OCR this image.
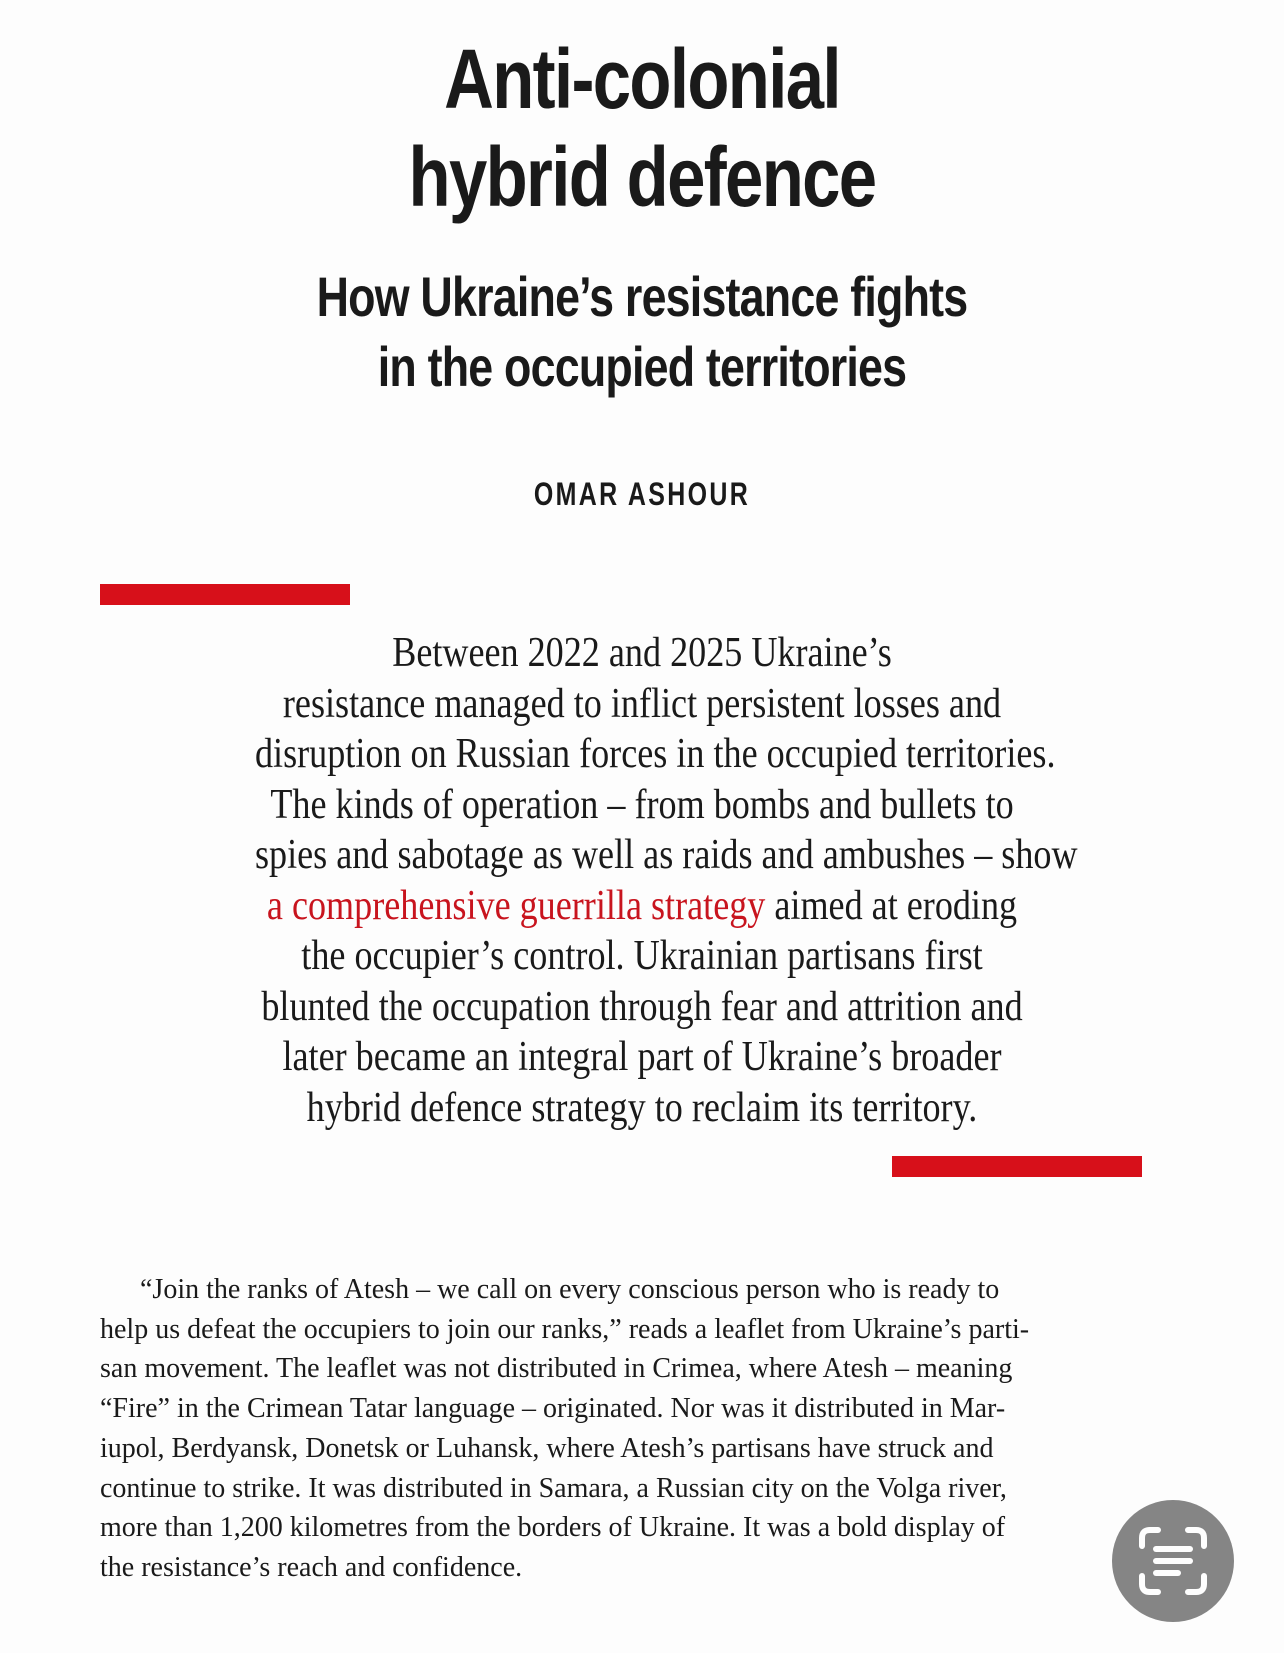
Anti-colonial
hybrid defence
How Ukraine’s resistance fights
in the occupied territories
OMAR ASHOUR
Between 2022 and 2025 Ukraine’s
resistance managed to inflict persistent losses and
disruption on Russian forces in the occupied territories.
The kinds of operation – from bombs and bullets to
spies and sabotage as well as raids and ambushes – show
a comprehensive guerrilla strategy aimed at eroding
the occupier’s control. Ukrainian partisans first
blunted the occupation through fear and attrition and
later became an integral part of Ukraine’s broader
hybrid defence strategy to reclaim its territory.
“Join the ranks of Atesh – we call on every conscious person who is ready to
help us defeat the occupiers to join our ranks,” reads a leaflet from Ukraine’s parti-
san movement. The leaflet was not distributed in Crimea, where Atesh – meaning
“Fire” in the Crimean Tatar language – originated. Nor was it distributed in Mar-
iupol, Berdyansk, Donetsk or Luhansk, where Atesh’s partisans have struck and
continue to strike. It was distributed in Samara, a Russian city on the Volga river,
more than 1,200 kilometres from the borders of Ukraine. It was a bold display of
the resistance’s reach and confidence.
